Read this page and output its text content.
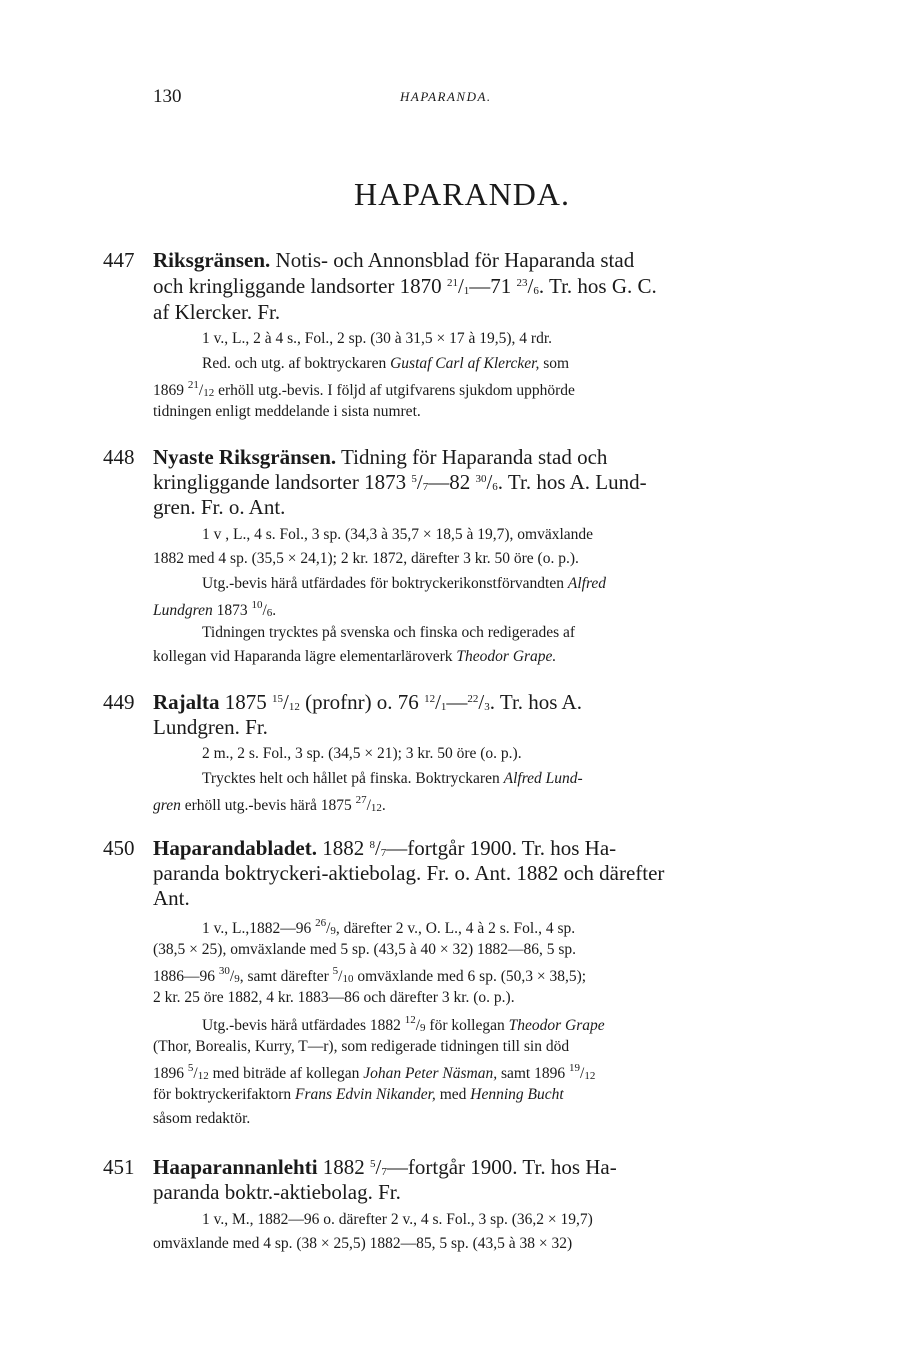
130	HAPARANDA.
HAPARANDA.
447 Riksgränsen. Notis- och Annonsblad för Haparanda stad
och kringliggande landsorter 1870 $^{21}$/1—71 $^{23}$/6. Tr. hos G. C.
af Klercker. Fr.
1 v., L., 2 à 4 s., Fol., 2 sp. (30 à 31,5 × 17 à 19,5), 4 rdr.
Red. och utg. af boktryckaren Gustaf Carl af Klercker, som
1869 $^{21}$/12 erhöll utg.-bevis. I följd af utgifvarens sjukdom upphörde
tidningen enligt meddelande i sista numret.
448 Nyaste Riksgränsen. Tidning för Haparanda stad och
kringliggande landsorter 1873 $^5$/7—82 $^{30}$/6. Tr. hos A. Lund-
gren. Fr. o. Ant.
1 v , L., 4 s. Fol., 3 sp. (34,3 à 35,7 × 18,5 à 19,7), omväxlande
1882 med 4 sp. (35,5 × 24,1); 2 kr. 1872, därefter 3 kr. 50 öre (o. p.).
Utg.-bevis härå utfärdades för boktryckerikonstförvandten Alfred
Lundgren 1873 $^{10}$/6.
Tidningen trycktes på svenska och finska och redigerades af
kollegan vid Haparanda lägre elementarläroverk Theodor Grape.
449 Rajalta 1875 $^{15}$/12 (profnr) o. 76 $^{12}$/1—$^{22}$/3. Tr. hos A.
Lundgren. Fr.
2 m., 2 s. Fol., 3 sp. (34,5 × 21); 3 kr. 50 öre (o. p.).
Trycktes helt och hållet på finska. Boktryckaren Alfred Lund-
gren erhöll utg.-bevis härå 1875 $^{27}$/12.
450 Haparandabladet. 1882 $^8$/7—fortgår 1900. Tr. hos Ha-
paranda boktryckeri-aktiebolag. Fr. o. Ant. 1882 och därefter
Ant.
1 v., L.,1882—96 $^{26}$/9, därefter 2 v., O. L., 4 à 2 s. Fol., 4 sp.
(38,5 × 25), omväxlande med 5 sp. (43,5 à 40 × 32) 1882—86, 5 sp.
1886—96 $^{30}$/9, samt därefter $^5$/10 omväxlande med 6 sp. (50,3 × 38,5);
2 kr. 25 öre 1882, 4 kr. 1883—86 och därefter 3 kr. (o. p.).
Utg.-bevis härå utfärdades 1882 $^{12}$/9 för kollegan Theodor Grape
(Thor, Borealis, Kurry, T—r), som redigerade tidningen till sin död
1896 $^5$/12 med biträde af kollegan Johan Peter Näsman, samt 1896 $^{19}$/12
för boktryckerifaktorn Frans Edvin Nikander, med Henning Bucht
såsom redaktör.
451 Haaparannanlehti 1882 $^5$/7—fortgår 1900. Tr. hos Ha-
paranda boktr.-aktiebolag. Fr.
1 v., M., 1882—96 o. därefter 2 v., 4 s. Fol., 3 sp. (36,2 × 19,7)
omväxlande med 4 sp. (38 × 25,5) 1882—85, 5 sp. (43,5 à 38 × 32)
